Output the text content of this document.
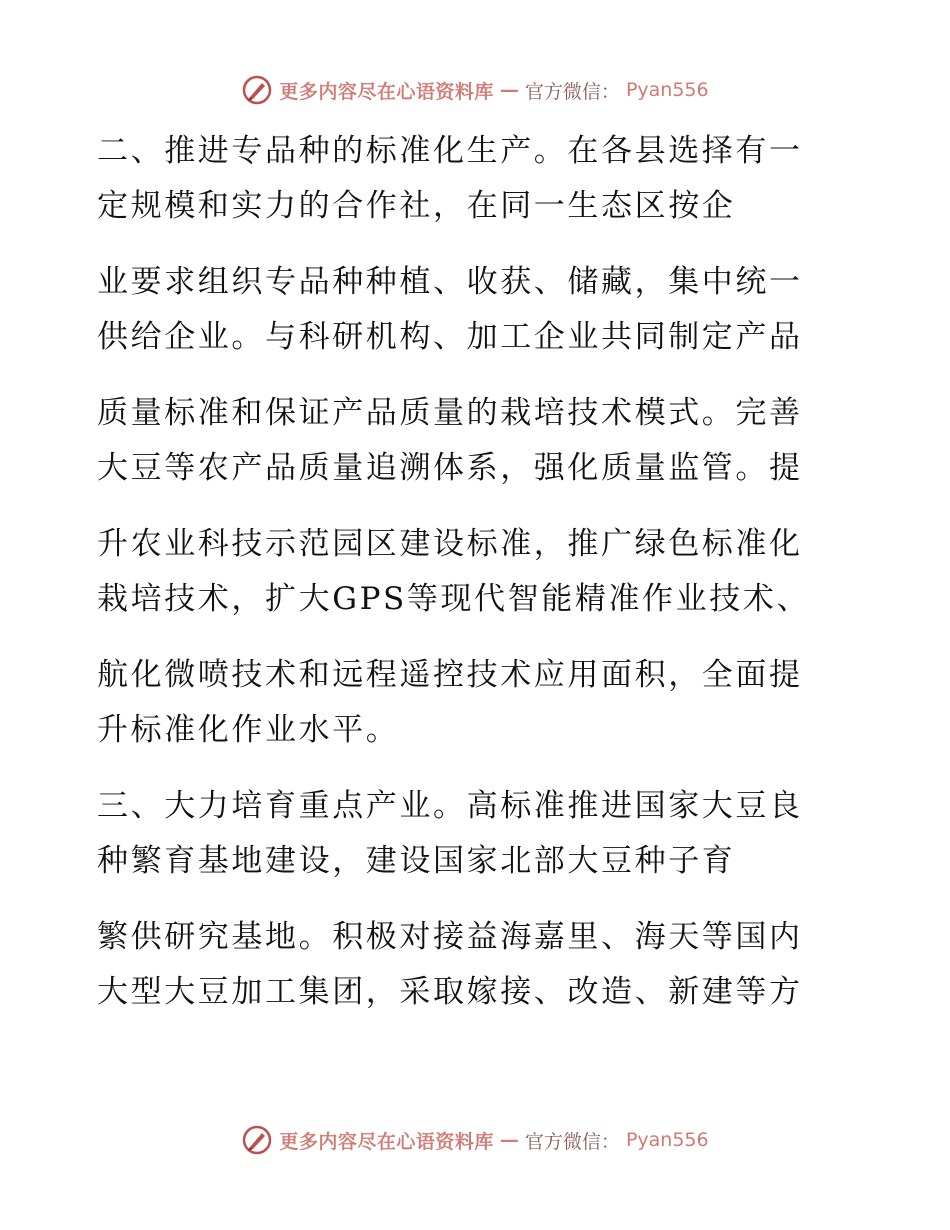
更多内容尽在心语资料库 — 官方微信： Pyan556
二、推进专品种的标准化生产。在各县选择有一
定规模和实力的合作社，在同一生态区按企
业要求组织专品种种植、收获、储藏，集中统一
供给企业。与科研机构、加工企业共同制定产品
质量标准和保证产品质量的栽培技术模式。完善
大豆等农产品质量追溯体系，强化质量监管。提
升农业科技示范园区建设标准，推广绿色标准化
栽培技术，扩大GPS等现代智能精准作业技术、
航化微喷技术和远程遥控技术应用面积，全面提
升标准化作业水平。
三、大力培育重点产业。高标准推进国家大豆良
种繁育基地建设，建设国家北部大豆种子育
繁供研究基地。积极对接益海嘉里、海天等国内
大型大豆加工集团，采取嫁接、改造、新建等方
更多内容尽在心语资料库 — 官方微信： Pyan556
